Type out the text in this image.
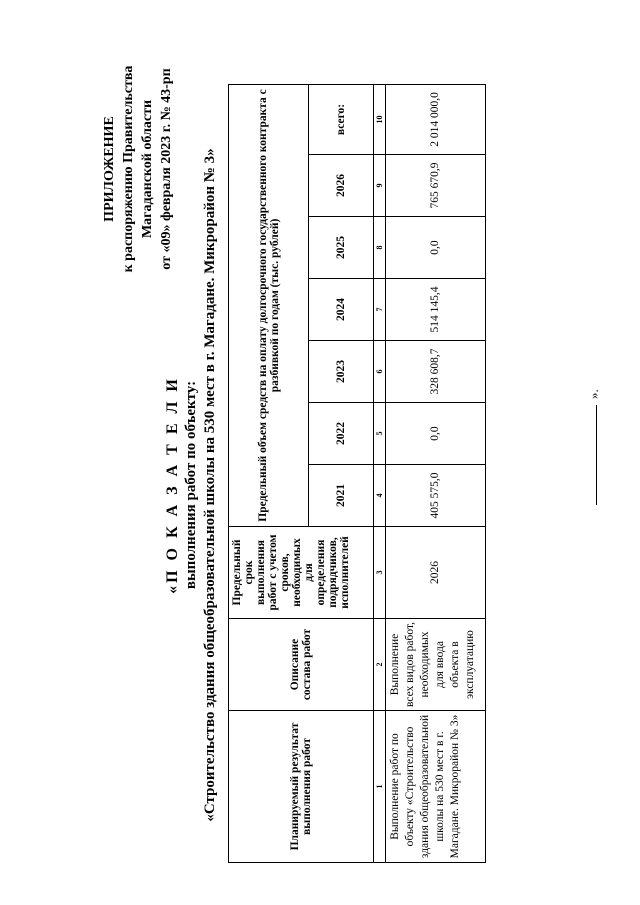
ПРИЛОЖЕНИЕ к распоряжению Правительства Магаданской области от «09» февраля 2023 г. № 43-рп
«П О К А З А Т Е Л И выполнения работ по объекту: «Строительство здания общеобразовательной школы на 530 мест в г. Магадане. Микрорайон № 3»	Планируемый результат выполнения работ	Описание состава работ	Предельный срок выполнения работ с учетом сроков, необходимых для определения подрядчиков, исполнителей	Предельный объем средств на оплату долгосрочного государственного контракта с разбивкой по годам (тыс. рублей)						
			2021	2022	2023	2024	2025	2026	всего:
1	2	3	4	5	6	7	8	9	10
Выполнение работ по объекту «Строительство здания общеобразовательной школы на 530 мест в г. Магадане. Микрорайон № 3»	Выполнение всех видов работ, необходимых для ввода объекта в эксплуатацию	2026	405 575,0	0,0	328 608,7	514 145,4	0,0	765 670,9	2 014 000,0
».
